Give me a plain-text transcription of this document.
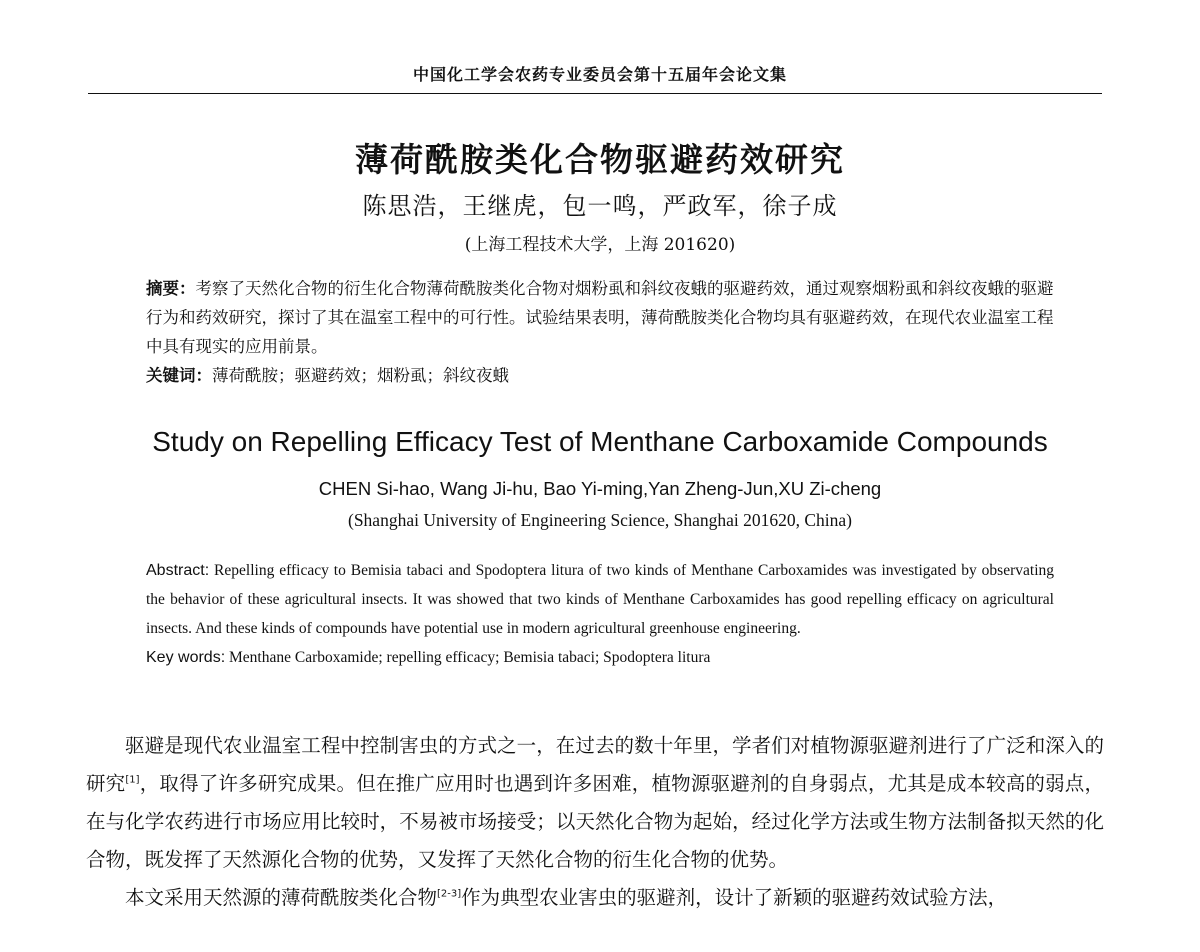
中国化工学会农药专业委员会第十五届年会论文集
薄荷酰胺类化合物驱避药效研究
陈思浩，王继虎，包一鸣，严政军，徐子成
(上海工程技术大学，上海 201620)

摘要：考察了天然化合物的衍生化合物薄荷酰胺类化合物对烟粉虱和斜纹夜蛾的驱避药效，通过观察烟粉虱和斜纹夜蛾的驱避行为和药效研究，探讨了其在温室工程中的可行性。试验结果表明，薄荷酰胺类化合物均具有驱避药效，在现代农业温室工程中具有现实的应用前景。

关键词：薄荷酰胺；驱避药效；烟粉虱；斜纹夜蛾

Study on Repelling Efficacy Test of Menthane Carboxamide Compounds
CHEN Si-hao, Wang Ji-hu, Bao Yi-ming,Yan Zheng-Jun,XU Zi-cheng
(Shanghai University of Engineering Science, Shanghai 201620, China)

Abstract: Repelling efficacy to Bemisia tabaci and Spodoptera litura of two kinds of Menthane Carboxamides was investigated by observating the behavior of these agricultural insects. It was showed that two kinds of Menthane Carboxamides has good repelling efficacy on agricultural insects. And these kinds of compounds have potential use in modern agricultural greenhouse engineering.

Key words: Menthane Carboxamide; repelling efficacy; Bemisia tabaci; Spodoptera litura

驱避是现代农业温室工程中控制害虫的方式之一，在过去的数十年里，学者们对植物源驱避剂进行了广泛和深入的研究[1]，取得了许多研究成果。但在推广应用时也遇到许多困难，植物源驱避剂的自身弱点，尤其是成本较高的弱点，在与化学农药进行市场应用比较时，不易被市场接受；以天然化合物为起始，经过化学方法或生物方法制备拟天然的化合物，既发挥了天然源化合物的优势，又发挥了天然化合物的衍生化合物的优势。

本文采用天然源的薄荷酰胺类化合物[2-3]作为典型农业害虫的驱避剂，设计了新颖的驱避药效试验方法，
